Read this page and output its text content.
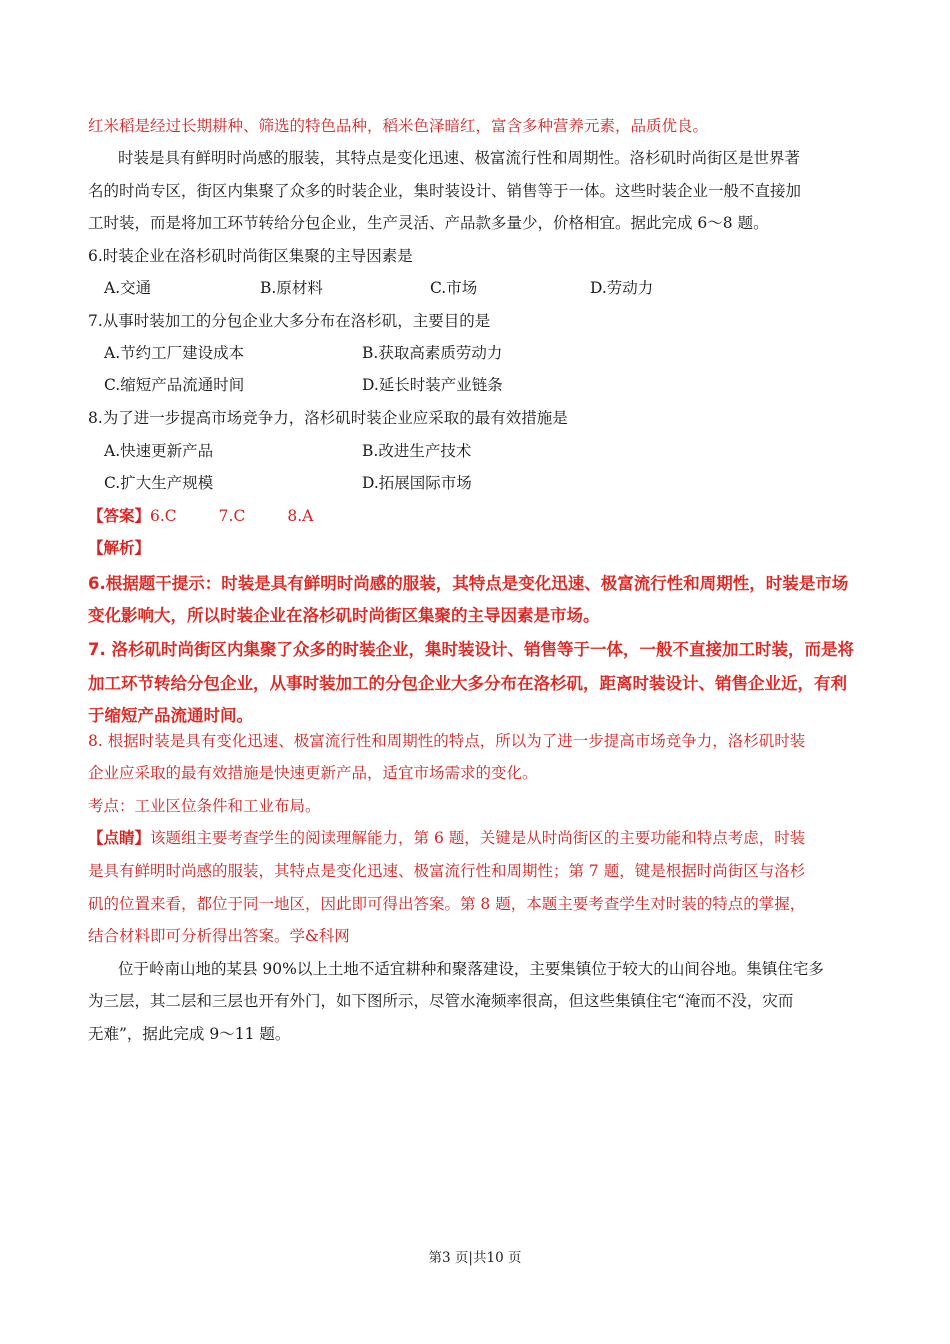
红米稻是经过长期耕种、筛选的特色品种，稻米色泽暗红，富含多种营养元素，品质优良。
时装是具有鲜明时尚感的服装，其特点是变化迅速、极富流行性和周期性。洛杉矶时尚街区是世界著
名的时尚专区，街区内集聚了众多的时装企业，集时装设计、销售等于一体。这些时装企业一般不直接加
工时装，而是将加工环节转给分包企业，生产灵活、产品款多量少，价格相宜。据此完成 6～8 题。
6.时装企业在洛杉矶时尚街区集聚的主导因素是
A.交通	B.原材料	C.市场	D.劳动力
7.从事时装加工的分包企业大多分布在洛杉矶，主要目的是
A.节约工厂建设成本	B.获取高素质劳动力
C.缩短产品流通时间	D.延长时装产业链条
8.为了进一步提高市场竞争力，洛杉矶时装企业应采取的最有效措施是
A.快速更新产品	B.改进生产技术
C.扩大生产规模	D.拓展国际市场
【答案】6.C	7.C	8.A
【解析】
6.根据题干提示：时装是具有鲜明时尚感的服装，其特点是变化迅速、极富流行性和周期性，时装是市场
变化影响大，所以时装企业在洛杉矶时尚街区集聚的主导因素是市场。
7. 洛杉矶时尚街区内集聚了众多的时装企业，集时装设计、销售等于一体，一般不直接加工时装，而是将
加工环节转给分包企业，从事时装加工的分包企业大多分布在洛杉矶，距离时装设计、销售企业近，有利
于缩短产品流通时间。
8. 根据时装是具有变化迅速、极富流行性和周期性的特点，所以为了进一步提高市场竞争力，洛杉矶时装
企业应采取的最有效措施是快速更新产品，适宜市场需求的变化。
考点：工业区位条件和工业布局。
【点睛】该题组主要考查学生的阅读理解能力，第 6 题，关键是从时尚街区的主要功能和特点考虑，时装
是具有鲜明时尚感的服装，其特点是变化迅速、极富流行性和周期性；第 7 题，键是根据时尚街区与洛杉
矶的位置来看，都位于同一地区，因此即可得出答案。第 8 题，本题主要考查学生对时装的特点的掌握，
结合材料即可分析得出答案。学&科网
位于岭南山地的某县 90%以上土地不适宜耕种和聚落建设，主要集镇位于较大的山间谷地。集镇住宅多
为三层，其二层和三层也开有外门，如下图所示，尽管水淹频率很高，但这些集镇住宅“淹而不没，灾而
无难”，据此完成 9～11 题。
第3 页|共10 页
